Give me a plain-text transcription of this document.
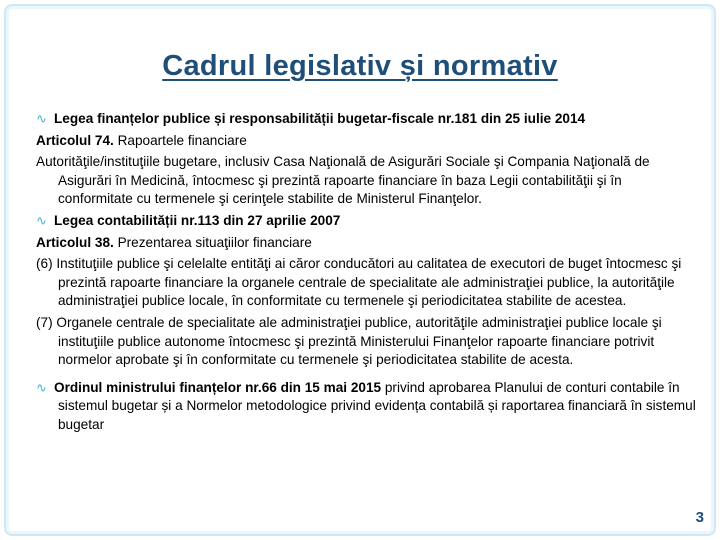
Cadrul legislativ și normativ

∿ Legea finanțelor publice și responsabilității bugetar-fiscale nr.181 din 25 iulie 2014

Articolul 74. Rapoartele financiare

Autorităţile/instituţiile bugetare, inclusiv Casa Naţională de Asigurări Sociale şi Compania Naţională de Asigurări în Medicină, întocmesc şi prezintă rapoarte financiare în baza Legii contabilităţii şi în conformitate cu termenele şi cerinţele stabilite de Ministerul Finanţelor.

∿ Legea contabilității nr.113 din 27 aprilie 2007

Articolul 38. Prezentarea situaţiilor financiare

(6) Instituţiile publice şi celelalte entităţi ai căror conducători au calitatea de executori de buget întocmesc şi prezintă rapoarte financiare la organele centrale de specialitate ale administraţiei publice, la autorităţile administraţiei publice locale, în conformitate cu termenele şi periodicitatea stabilite de acestea.

(7) Organele centrale de specialitate ale administraţiei publice, autorităţile administraţiei publice locale şi instituţiile publice autonome întocmesc şi prezintă Ministerului Finanţelor rapoarte financiare potrivit normelor aprobate şi în conformitate cu termenele şi periodicitatea stabilite de acesta.

∿ Ordinul ministrului finanțelor nr.66 din 15 mai 2015 privind aprobarea Planului de conturi contabile în sistemul bugetar și a Normelor metodologice privind evidența contabilă și raportarea financiară în sistemul bugetar

3
